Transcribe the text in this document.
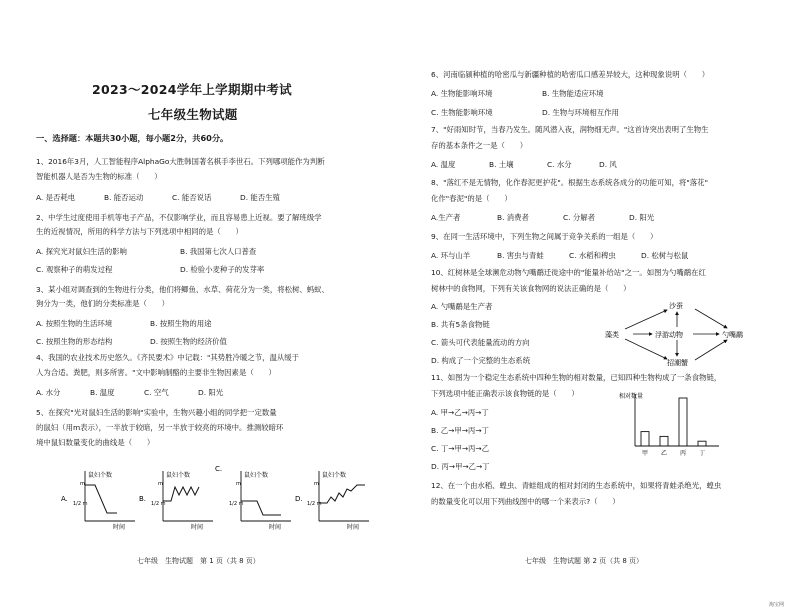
2023～2024学年上学期期中考试
七年级生物试题
一、选择题：本题共30小题，每小题2分，共60分。
1、2016年3月，人工智能程序AlphaGo大胜韩国著名棋手李世石。下列哪项能作为判断
智能机器人是否为生物的标准（　　）
A. 是否耗电	B. 能否运动	C. 能否说话	D. 能否生殖
2、中学生过度使用手机等电子产品，不仅影响学业，而且容易患上近视。要了解班级学
生的近视情况，所用的科学方法与下列选项中相同的是（　　）
A. 探究光对鼠妇生活的影响	B. 我国第七次人口普查
C. 观察种子的萌发过程	D. 检验小麦种子的发芽率
3、某小组对调查到的生物进行分类，他们将鲫鱼、水草、荷花分为一类，将松树、蚂蚁、
狗分为一类，他们的分类标准是（　　）
A. 按照生物的生活环境	B. 按照生物的用途
C. 按照生物的形态结构	D. 按照生物的经济价值
4、我国的农业技术历史悠久。《齐民要术》中记载："其势胜冷暖之节，温从缓于
人为合适。粪肥，则多所害。"文中影响制酪的主要非生物因素是（　　）
A. 水分	B. 温度	C. 空气	D. 阳光
5、在探究"光对鼠妇生活的影响"实验中，生物兴趣小组的同学把一定数量
的鼠妇（用m表示），一半放于较暗，另一半放于较亮的环境中。推测较暗环
境中鼠妇数量变化的曲线是（　　）
A.
鼠妇个数
m
1/2 m
时间
B.
鼠妇个数
m
1/2 m
时间
C.
鼠妇个数
m
1/2 m
时间
D.
鼠妇个数
m
1/2 m
时间
七年级　生物试题　第 1 页（共 8 页）
6、河南临颍种植的哈密瓜与新疆种植的哈密瓜口感差异较大，这种现象说明（　　）
A. 生物能影响环境	B. 生物能适应环境
C. 生物能影响环境	D. 生物与环境相互作用
7、"好雨知时节，当春乃发生。随风潜入夜，润物细无声。"这首诗突出表明了生物生
存的基本条件之一是（　　）
A. 温度	B. 土壤	C. 水分	D. 风
8、"落红不是无情物，化作春泥更护花"。根据生态系统各成分的功能可知，将"落花"
化作"春泥"的是（　　）
A.生产者	B. 消费者	C. 分解者	D. 阳光
9、在同一生活环境中，下列生物之间属于竞争关系的一组是（　　）
A. 环与山羊	B. 害虫与青蛙	C. 水稻和稗虫	D. 松树与松鼠
10、红树林是全球濒危动物勺嘴鹬迁徙途中的"能量补给站"之一。如图为勺嘴鹬在红
树林中的食物网，下列有关该食物网的说法正确的是（　　）
A. 勺嘴鹬是生产者
B. 共有5条食物链
C. 箭头可代表能量流动的方向
D. 构成了一个完整的生态系统
沙蚕
藻类	浮游动物	勺嘴鹬
招潮蟹
11、如图为一个稳定生态系统中四种生物的相对数量，已知四种生物构成了一条食物链，
下列选项中能正确表示该食物链的是（　　）
A. 甲→乙→丙→丁
B. 乙→甲→丙→丁
C. 丁→甲→丙→乙
D. 丙→甲→乙→丁
相对数量
甲 乙 丙 丁
12、在一个由水稻、蝗虫、青蛙组成的相对封闭的生态系统中，如果将青蛙杀绝光，蝗虫
的数量变化可以用下列曲线图中的哪一个来表示?（　　）
七年级　生物试题 第 2 页（共 8 页）
淘宝网
